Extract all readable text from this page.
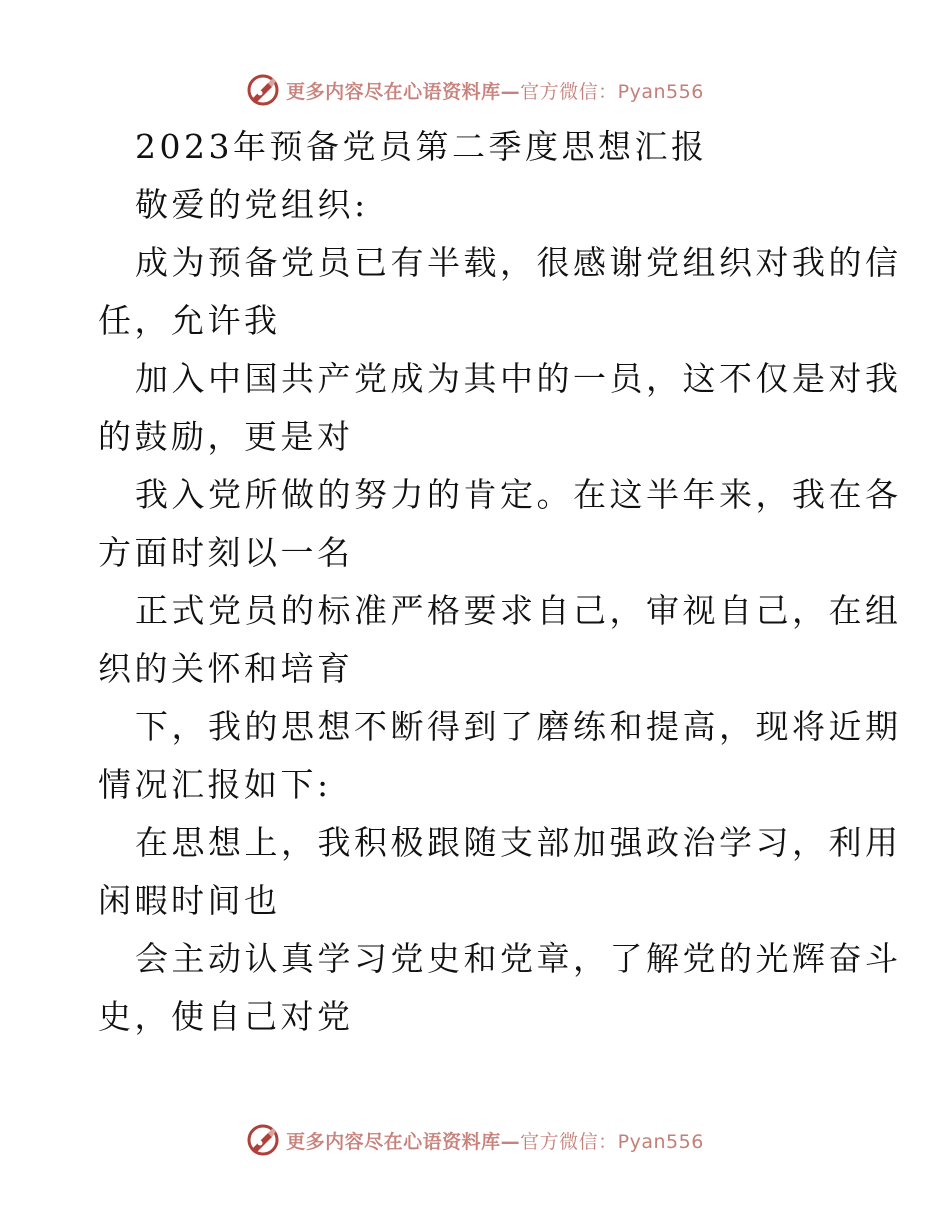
更多内容尽在心语资料库—官方微信：Pyan556
2023年预备党员第二季度思想汇报
敬爱的党组织:
成为预备党员已有半载，很感谢党组织对我的信
任，允许我
加入中国共产党成为其中的一员，这不仅是对我
的鼓励，更是对
我入党所做的努力的肯定。在这半年来，我在各
方面时刻以一名
正式党员的标准严格要求自己，审视自己，在组
织的关怀和培育
下，我的思想不断得到了磨练和提高，现将近期
情况汇报如下:
在思想上，我积极跟随支部加强政治学习，利用
闲暇时间也
会主动认真学习党史和党章，了解党的光辉奋斗
史，使自己对党
更多内容尽在心语资料库—官方微信：Pyan556
